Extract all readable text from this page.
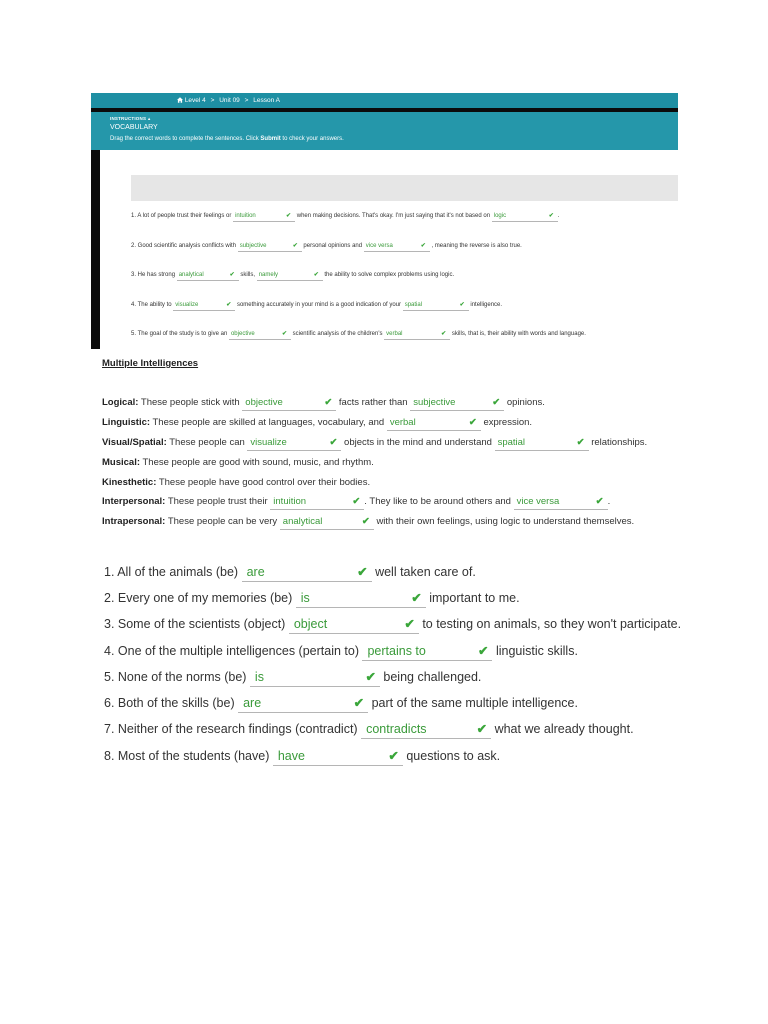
Level 4 > Unit 09 > Lesson A
INSTRUCTIONS▲
VOCABULARY
Drag the correct words to complete the sentences. Click Submit to check your answers.
1. A lot of people trust their feelings or intuition	✔ when making decisions. That's okay. I'm just saying that it's not based on logic	✔ .
2. Good scientific analysis conflicts with subjective	✔ personal opinions and vice versa	✔ , meaning the reverse is also true.
3. He has strong analytical	✔ skills, namely	✔ the ability to solve complex problems using logic.
4. The ability to visualize	✔ something accurately in your mind is a good indication of your spatial	✔ intelligence.
5. The goal of the study is to give an objective	✔ scientific analysis of the children's verbal	✔ skills, that is, their ability with words and language.
Multiple Intelligences
Logical: These people stick with objective	✔ facts rather than subjective	✔ opinions.
Linguistic: These people are skilled at languages, vocabulary, and verbal	✔ expression.
Visual/Spatial: These people can visualize	✔ objects in the mind and understand spatial	✔ relationships.
Musical: These people are good with sound, music, and rhythm.
Kinesthetic: These people have good control over their bodies.
Interpersonal: These people trust their intuition	✔ . They like to be around others and vice versa	✔ .
Intrapersonal: These people can be very analytical	✔ with their own feelings, using logic to understand themselves.
1. All of the animals (be) are	✔ well taken care of.
2. Every one of my memories (be) is	✔ important to me.
3. Some of the scientists (object) object	✔ to testing on animals, so they won't participate.
4. One of the multiple intelligences (pertain to) pertains to	✔ linguistic skills.
5. None of the norms (be) is	✔ being challenged.
6. Both of the skills (be) are	✔ part of the same multiple intelligence.
7. Neither of the research findings (contradict) contradicts	✔ what we already thought.
8. Most of the students (have) have	✔ questions to ask.
